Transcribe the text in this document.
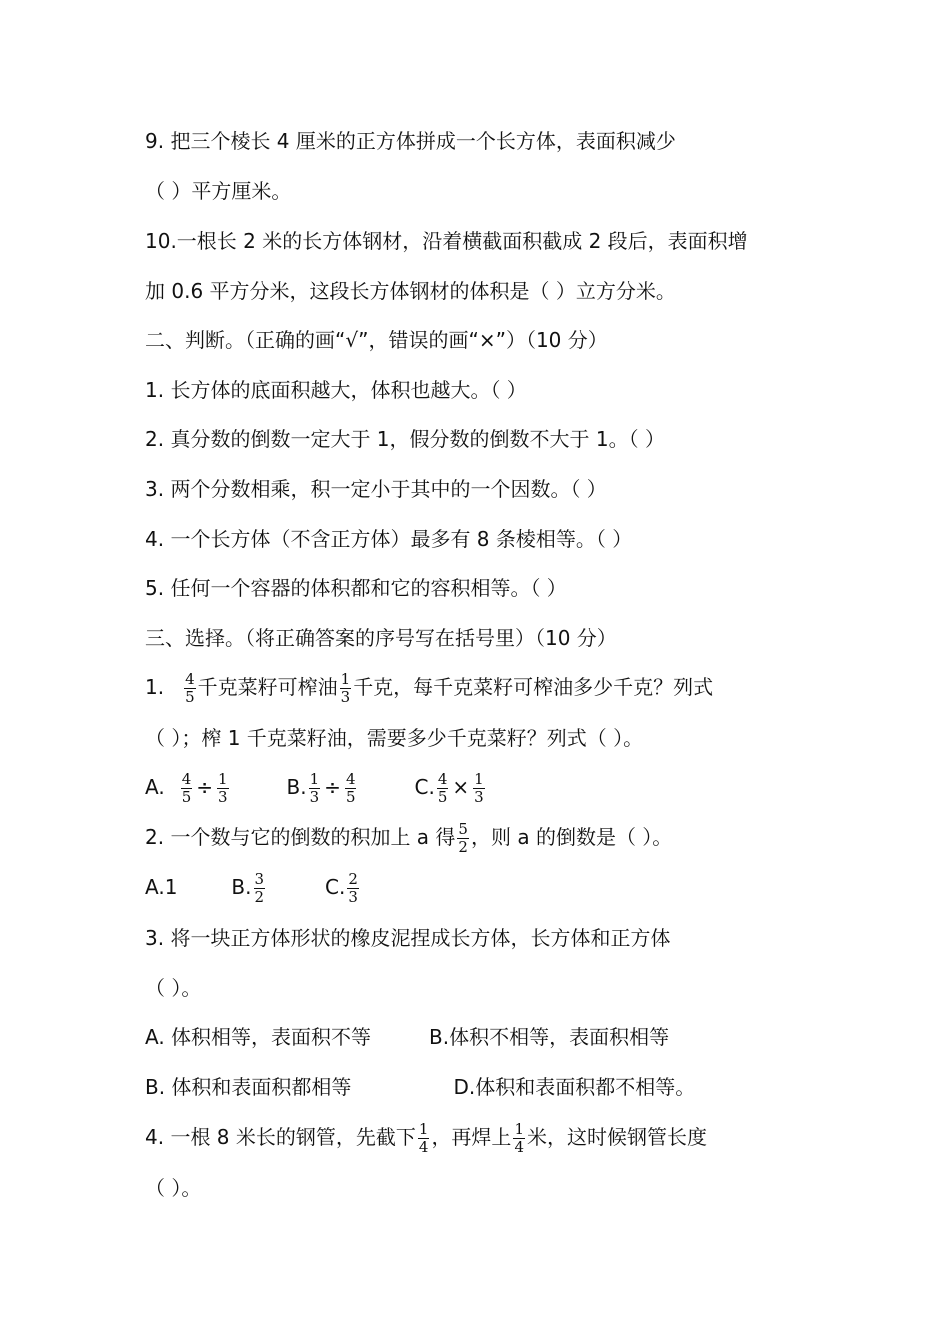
9. 把三个棱长 4 厘米的正方体拼成一个长方体，表面积减少
（ ）平方厘米。
10.一根长 2 米的长方体钢材，沿着横截面积截成 2 段后，表面积增
加 0.6 平方分米，这段长方体钢材的体积是（ ）立方分米。
二、判断。（正确的画“√”，错误的画“×”）（10 分）
1. 长方体的底面积越大，体积也越大。（ ）
2. 真分数的倒数一定大于 1，假分数的倒数不大于 1。（ ）
3. 两个分数相乘，积一定小于其中的一个因数。（ ）
4. 一个长方体（不含正方体）最多有 8 条棱相等。（ ）
5. 任何一个容器的体积都和它的容积相等。（ ）
三、选择。（将正确答案的序号写在括号里）（10 分）
1. $\frac{4}{5}$ 千克菜籽可榨油 $\frac{1}{3}$ 千克，每千克菜籽可榨油多少千克？列式
（ ）；榨 1 千克菜籽油，需要多少千克菜籽？列式（ ）。
A. $\frac{4}{5} \div \frac{1}{3}$	B. $\frac{1}{3} \div \frac{4}{5}$	C. $\frac{4}{5} \times \frac{1}{3}$
2. 一个数与它的倒数的积加上 a 得 $\frac{5}{2}$ ，则 a 的倒数是（ ）。
A.1	B. $\frac{3}{2}$	C. $\frac{2}{3}$
3. 将一块正方体形状的橡皮泥捏成长方体，长方体和正方体
（ ）。
A. 体积相等，表面积不等	B.体积不相等，表面积相等
B. 体积和表面积都相等	D.体积和表面积都不相等。
4. 一根 8 米长的钢管，先截下 $\frac{1}{4}$ ，再焊上 $\frac{1}{4}$ 米，这时候钢管长度
（ ）。
